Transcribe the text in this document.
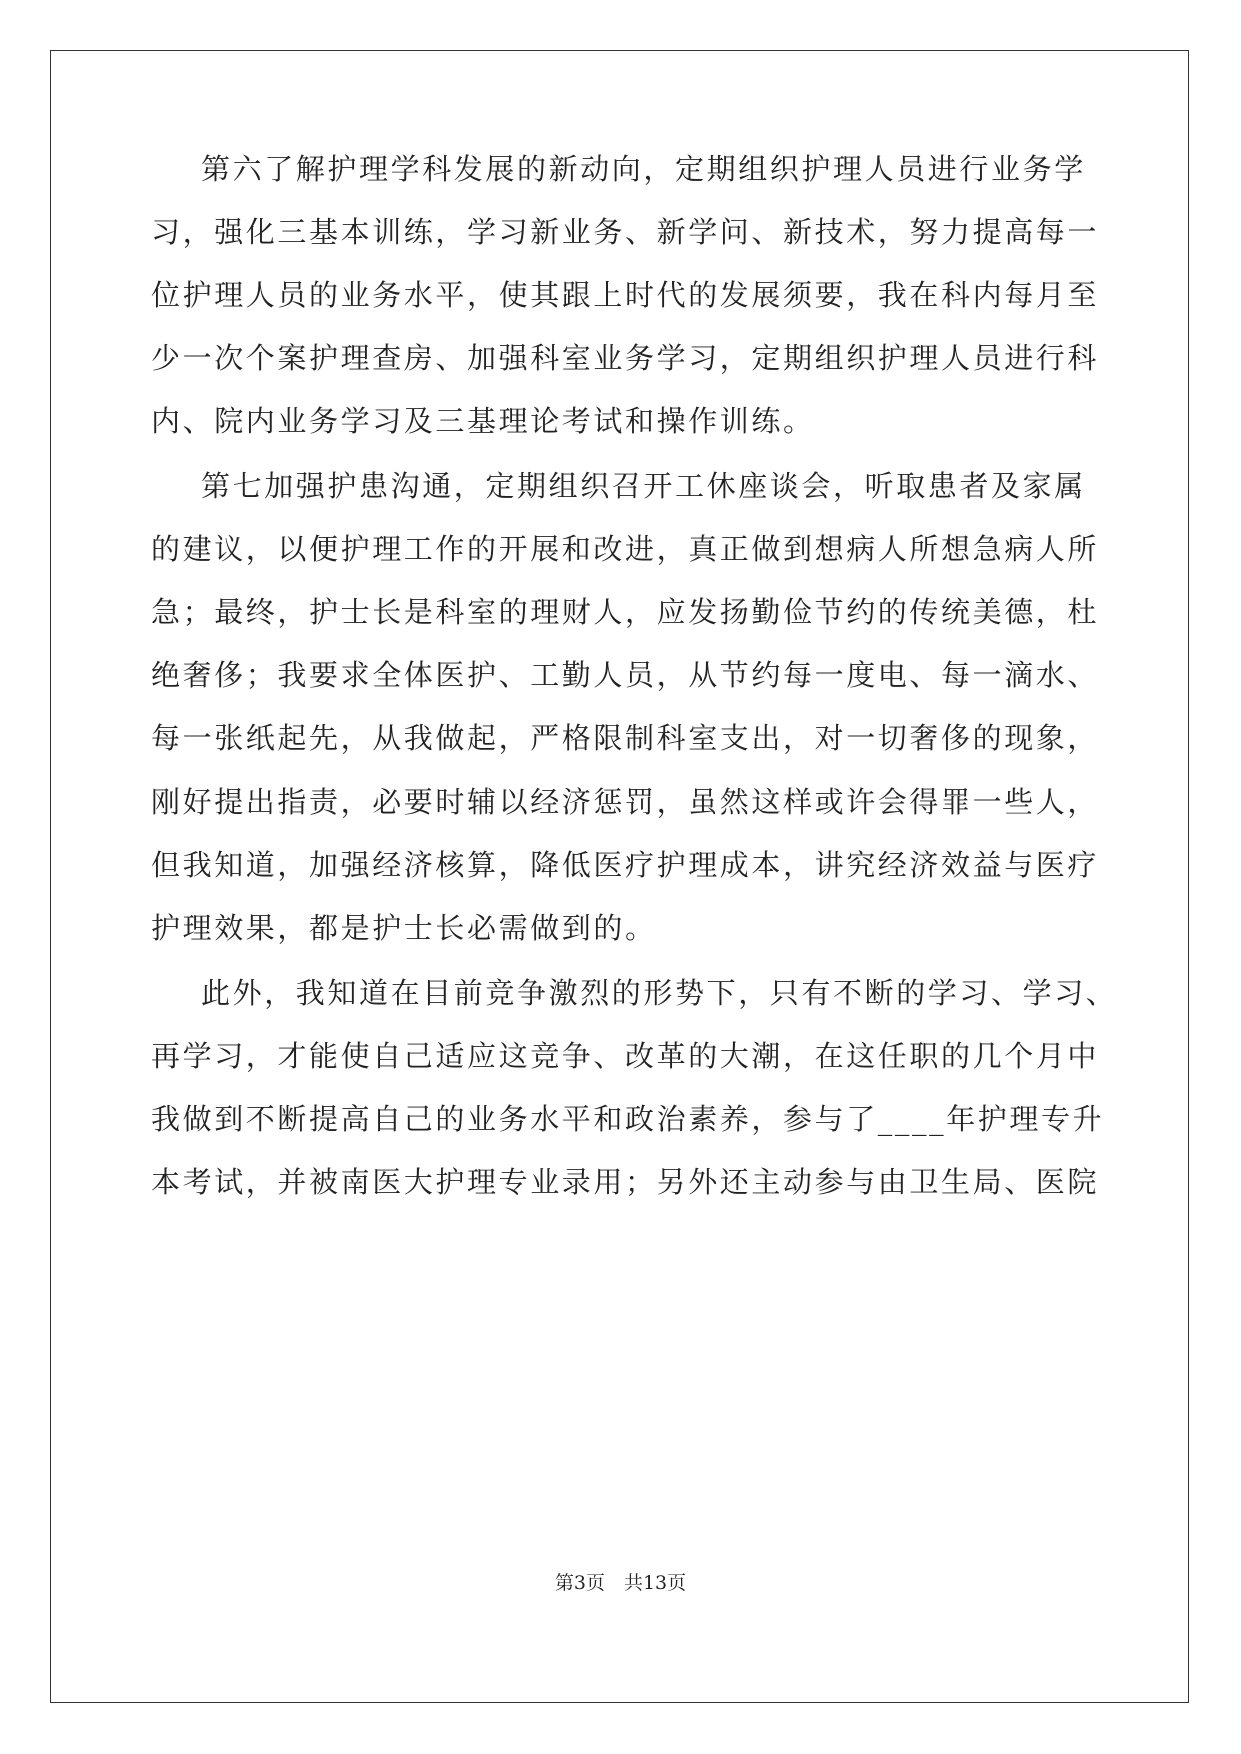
第六了解护理学科发展的新动向，定期组织护理人员进行业务学
习，强化三基本训练，学习新业务、新学问、新技术，努力提高每一
位护理人员的业务水平，使其跟上时代的发展须要，我在科内每月至
少一次个案护理查房、加强科室业务学习，定期组织护理人员进行科
内、院内业务学习及三基理论考试和操作训练。
第七加强护患沟通，定期组织召开工休座谈会，听取患者及家属
的建议，以便护理工作的开展和改进，真正做到想病人所想急病人所
急；最终，护士长是科室的理财人，应发扬勤俭节约的传统美德，杜
绝奢侈；我要求全体医护、工勤人员，从节约每一度电、每一滴水、
每一张纸起先，从我做起，严格限制科室支出，对一切奢侈的现象，
刚好提出指责，必要时辅以经济惩罚，虽然这样或许会得罪一些人，
但我知道，加强经济核算，降低医疗护理成本，讲究经济效益与医疗
护理效果，都是护士长必需做到的。
此外，我知道在目前竞争激烈的形势下，只有不断的学习、学习、
再学习，才能使自己适应这竞争、改革的大潮，在这任职的几个月中
我做到不断提高自己的业务水平和政治素养，参与了____年护理专升
本考试，并被南医大护理专业录用；另外还主动参与由卫生局、医院
第3页　共13页
